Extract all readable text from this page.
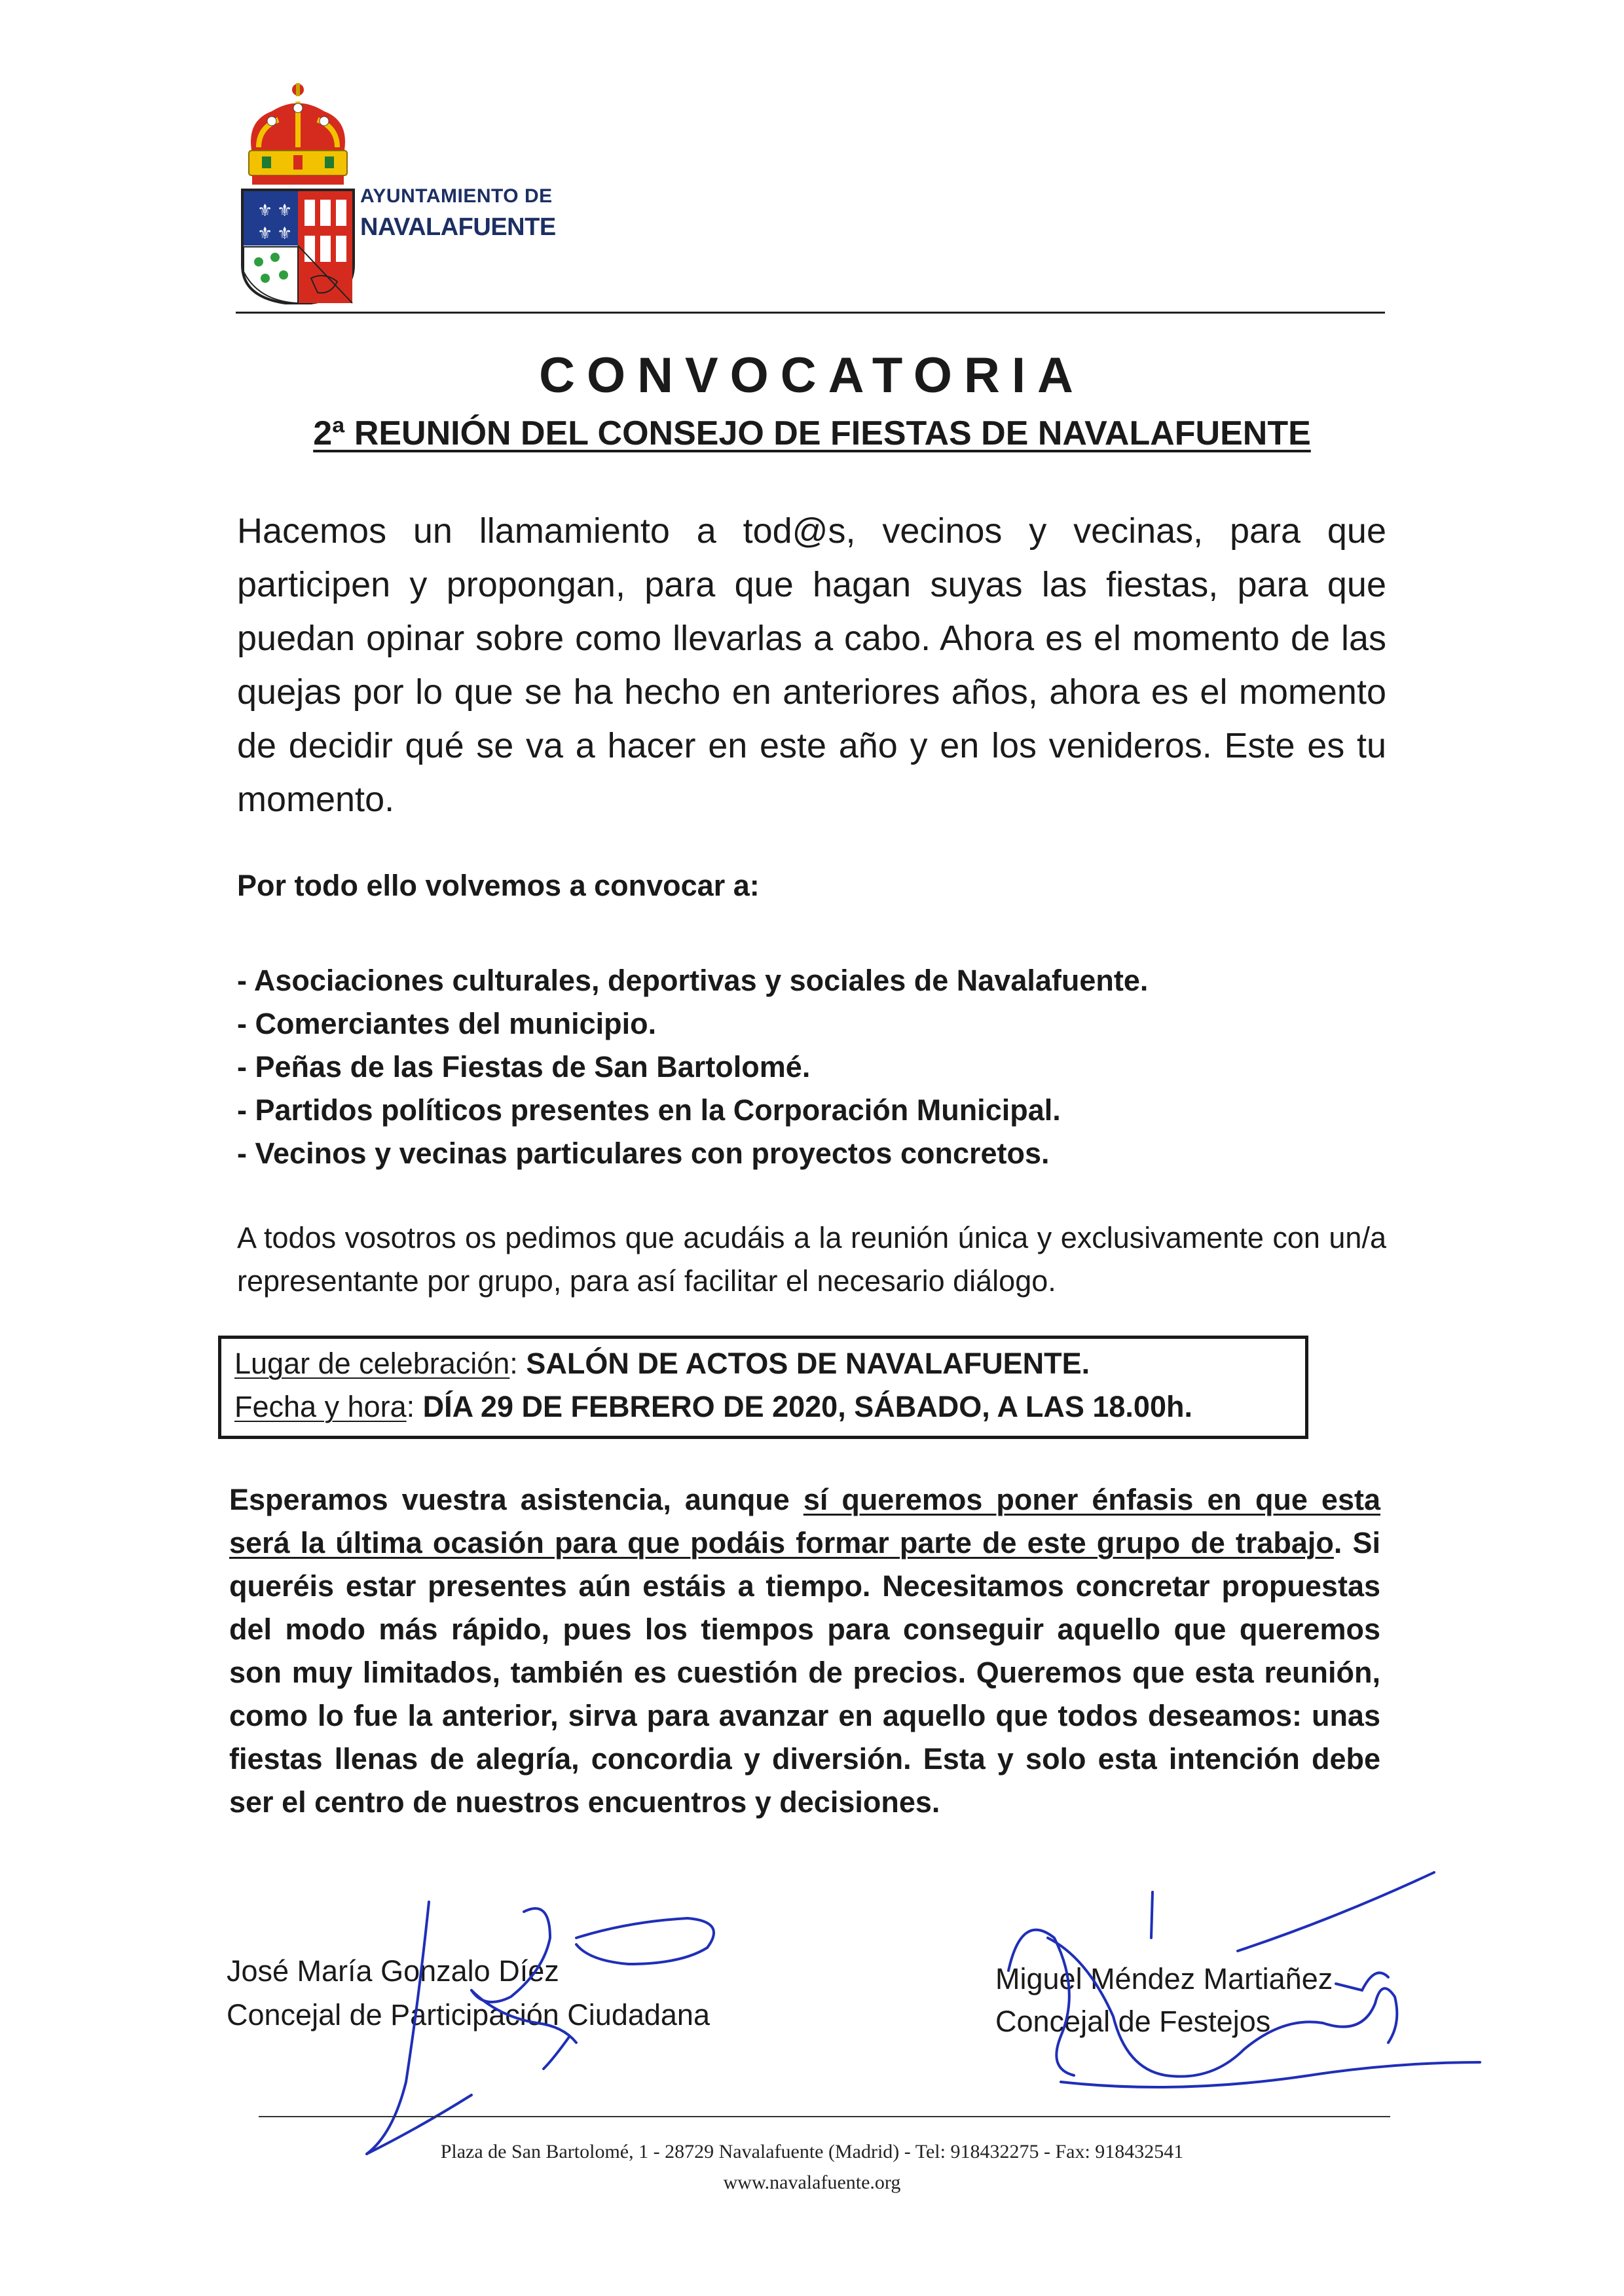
⚜ ⚜
⚜ ⚜
AYUNTAMIENTO DE
NAVALAFUENTE
CONVOCATORIA
2ª REUNIÓN DEL CONSEJO DE FIESTAS DE NAVALAFUENTE
Hacemos un llamamiento a tod@s, vecinos y vecinas, para que participen y propongan, para que hagan suyas las fiestas, para que puedan opinar sobre como llevarlas a cabo. Ahora es el momento de las quejas por lo que se ha hecho en anteriores años, ahora es el momento de decidir qué se va a hacer en este año y en los venideros. Este es tu momento.
Por todo ello volvemos a convocar a:
- Asociaciones culturales, deportivas y sociales de Navalafuente.
- Comerciantes del municipio.
- Peñas de las Fiestas de San Bartolomé.
- Partidos políticos presentes en la Corporación Municipal.
- Vecinos y vecinas particulares con proyectos concretos.
A todos vosotros os pedimos que acudáis a la reunión única y exclusivamente con un/a representante por grupo, para así facilitar el necesario diálogo.
Lugar de celebración: SALÓN DE ACTOS DE NAVALAFUENTE.
Fecha y hora: DÍA 29 DE FEBRERO DE 2020, SÁBADO, A LAS 18.00h.
Esperamos vuestra asistencia, aunque sí queremos poner énfasis en que esta será la última ocasión para que podáis formar parte de este grupo de trabajo. Si queréis estar presentes aún estáis a tiempo. Necesitamos concretar propuestas del modo más rápido, pues los tiempos para conseguir aquello que queremos son muy limitados, también es cuestión de precios. Queremos que esta reunión, como lo fue la anterior, sirva para avanzar en aquello que todos deseamos: unas fiestas llenas de alegría, concordia y diversión. Esta y solo esta intención debe ser el centro de nuestros encuentros y decisiones.
José María Gonzalo Díez
Concejal de Participación Ciudadana
Miguel Méndez Martiañez
Concejal de Festejos
Plaza de San Bartolomé, 1 - 28729 Navalafuente (Madrid) - Tel: 918432275 - Fax: 918432541
www.navalafuente.org
